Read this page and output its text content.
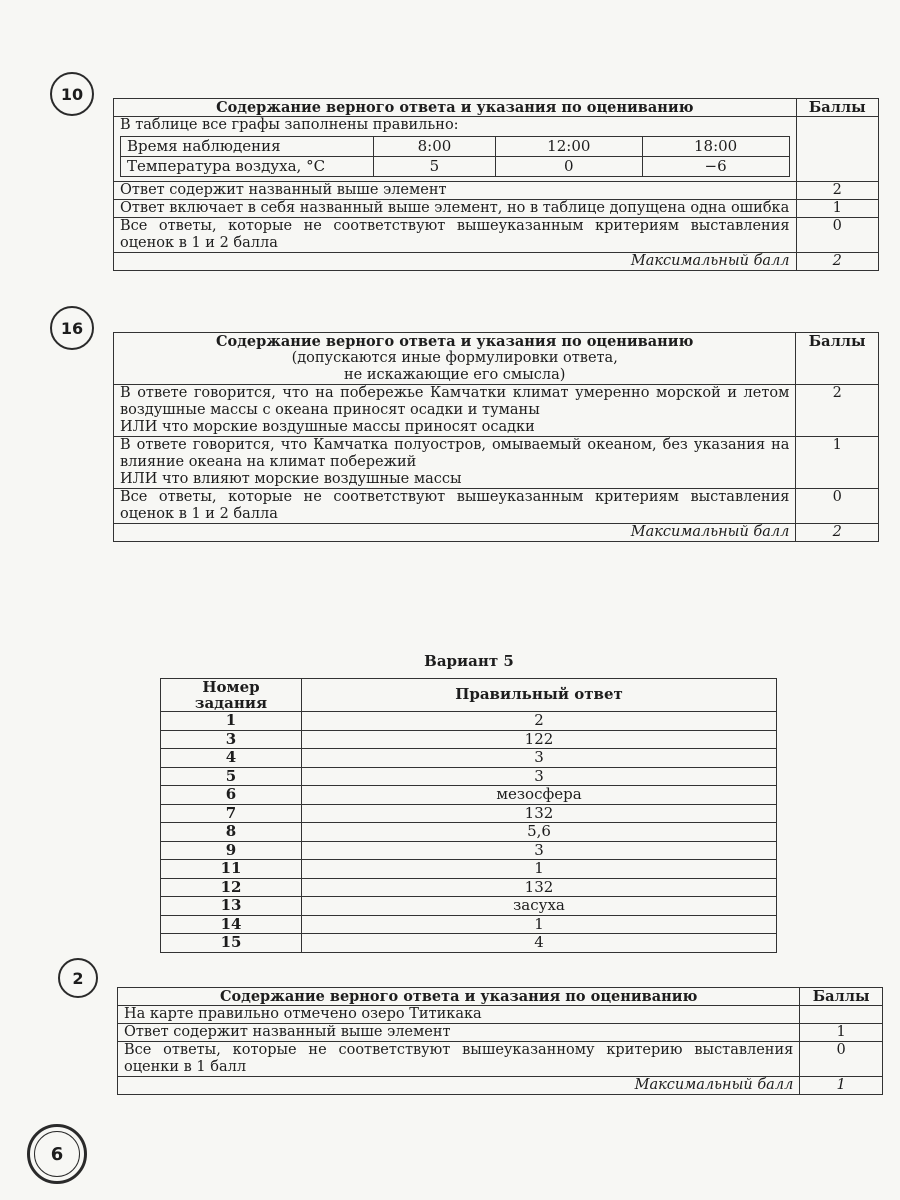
10
Содержание верного ответа и указания по оцениванию	Баллы

В таблице все графы заполнены правильно:
Время наблюдения	8:00	12:00	18:00
Температура воздуха, °C	5	0	−6

Ответ содержит названный выше элемент	2
Ответ включает в себя названный выше элемент, но в таблице допущена одна ошибка	1
Все ответы, которые не соответствуют вышеуказанным критериям выставления оценок в 1 и 2 балла	0
Максимальный балл	2
16
Содержание верного ответа и указания по оцениванию
(допускаются иные формулировки ответа,
не искажающие его смысла)	Баллы

В ответе говорится, что на побережье Камчатки климат умеренно морской и летом воздушные массы с океана приносят осадки и туманы
ИЛИ что морские воздушные массы приносят осадки	2

В ответе говорится, что Камчатка полуостров, омываемый океаном, без указания на влияние океана на климат побережий
ИЛИ что влияют морские воздушные массы	1

Все ответы, которые не соответствуют вышеуказанным критериям выставления оценок в 1 и 2 балла	0
Максимальный балл	2
Вариант 5
Номер
задания	Правильный ответ
1	2
3	122
4	3
5	3
6	мезосфера
7	132
8	5,6
9	3
11	1
12	132
13	засуха
14	1
15	4
2
Содержание верного ответа и указания по оцениванию	Баллы
На карте правильно отмечено озеро Титикака	
Ответ содержит названный выше элемент	1
Все ответы, которые не соответствуют вышеуказанному критерию выставления оценки в 1 балл	0
Максимальный балл	1
6
